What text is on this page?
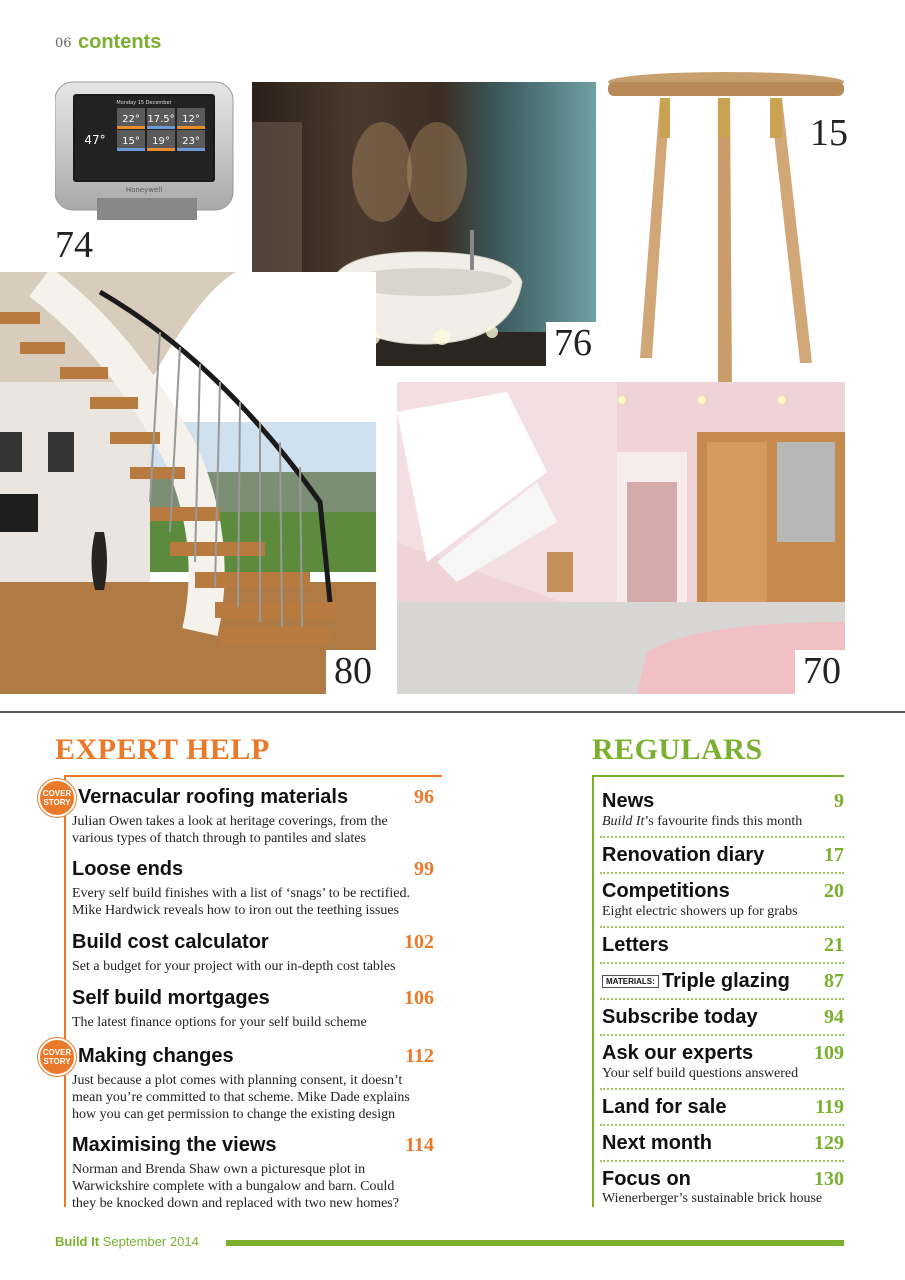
06 contents
Monday 15 December
22° 17.5° 12°
47° 15° 19° 23°
Honeywell
74
76
15
80	70
EXPERT HELP
COVER
STORY Vernacular roofing materials	96
Julian Owen takes a look at heritage coverings, from the
various types of thatch through to pantiles and slates
Loose ends	99
Every self build finishes with a list of ‘snags’ to be rectified.
Mike Hardwick reveals how to iron out the teething issues
Build cost calculator	102
Set a budget for your project with our in-depth cost tables
Self build mortgages	106
The latest finance options for your self build scheme
COVER
STORY Making changes	112
Just because a plot comes with planning consent, it doesn’t
mean you’re committed to that scheme. Mike Dade explains
how you can get permission to change the existing design
Maximising the views	114
Norman and Brenda Shaw own a picturesque plot in
Warwickshire complete with a bungalow and barn. Could
they be knocked down and replaced with two new homes?
REGULARS
News	9
Build It’s favourite finds this month
Renovation diary	17
Competitions	20
Eight electric showers up for grabs
Letters	21
MATERIALS: Triple glazing	87
Subscribe today	94
Ask our experts	109
Your self build questions answered
Land for sale	119
Next month	129
Focus on	130
Wienerberger’s sustainable brick house
Build It September 2014
